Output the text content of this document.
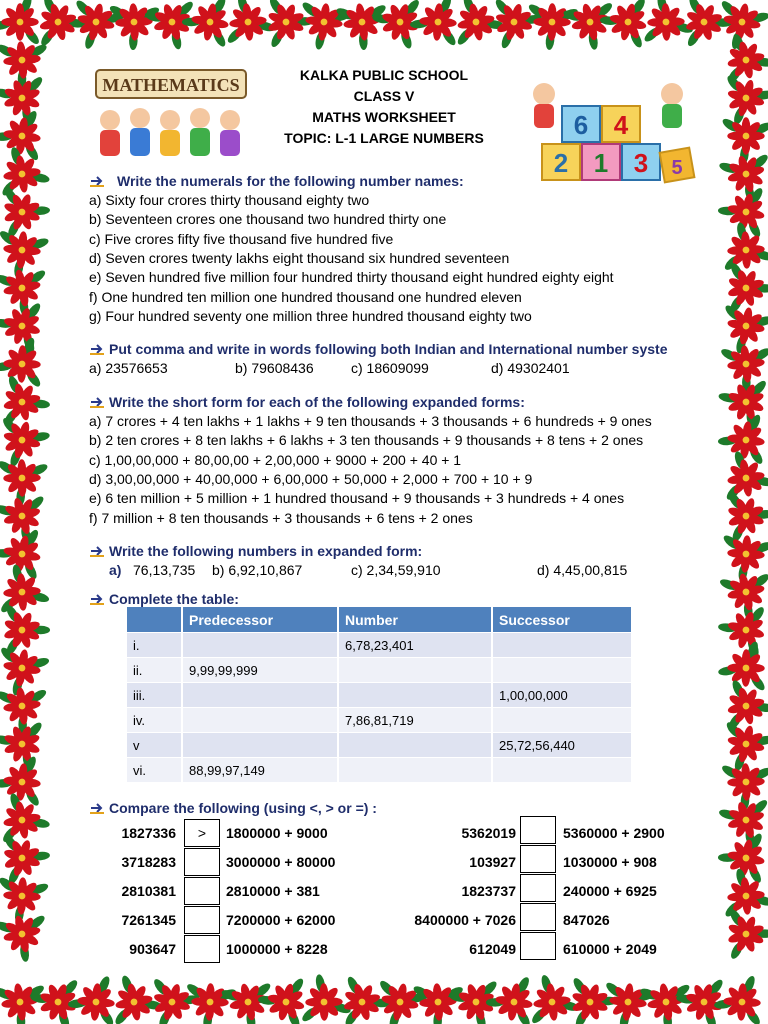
MATHEMATICS
6 4
2 1 3 5
KALKA PUBLIC SCHOOL
CLASS V
MATHS WORKSHEET
TOPIC: L-1 LARGE NUMBERS
Write the numerals for the following number names:
a) Sixty four crores thirty thousand eighty two
b) Seventeen crores one thousand two hundred thirty one
c) Five crores fifty five thousand five hundred five
d) Seven crores twenty lakhs eight thousand six hundred seventeen
e) Seven hundred five million four hundred thirty thousand eight hundred eighty eight
f) One hundred ten million one hundred thousand one hundred eleven
g) Four hundred seventy one million three hundred thousand eighty two
Put comma and write in words following both Indian and International number syste
a) 23576653	b) 79608436	c) 18609099	d) 49302401
Write the short form for each of the following expanded forms:
a) 7 crores + 4 ten lakhs + 1 lakhs + 9 ten thousands + 3 thousands + 6 hundreds + 9 ones
b) 2 ten crores + 8 ten lakhs + 6 lakhs + 3 ten thousands + 9 thousands + 8 tens + 2 ones
c) 1,00,00,000 + 80,00,00 + 2,00,000 + 9000 + 200 + 40 + 1
d) 3,00,00,000 + 40,00,000 + 6,00,000 + 50,000 + 2,000 + 700 + 10 + 9
e) 6 ten million + 5 million + 1 hundred thousand + 9 thousands + 3 hundreds + 4 ones
f) 7 million + 8 ten thousands + 3 thousands + 6 tens + 2 ones
Write the following numbers in expanded form:
a) 76,13,735 b) 6,92,10,867	c) 2,34,59,910	d) 4,45,00,815
Complete the table:
	Predecessor	Number	Successor
i.		6,78,23,401	
ii.	9,99,99,999		
iii.			1,00,00,000
iv.		7,86,81,719	
v			25,72,56,440
vi.	88,99,97,149		
Compare the following (using <, > or =) :
1827336	>	1800000 + 9000
3718283	3000000 + 80000
2810381	2810000 + 381
7261345	7200000 + 62000
903647	1000000 + 8228
5362019	5360000 + 2900
103927	1030000 + 908
1823737	240000 + 6925
8400000 + 7026	847026
612049	610000 + 2049
